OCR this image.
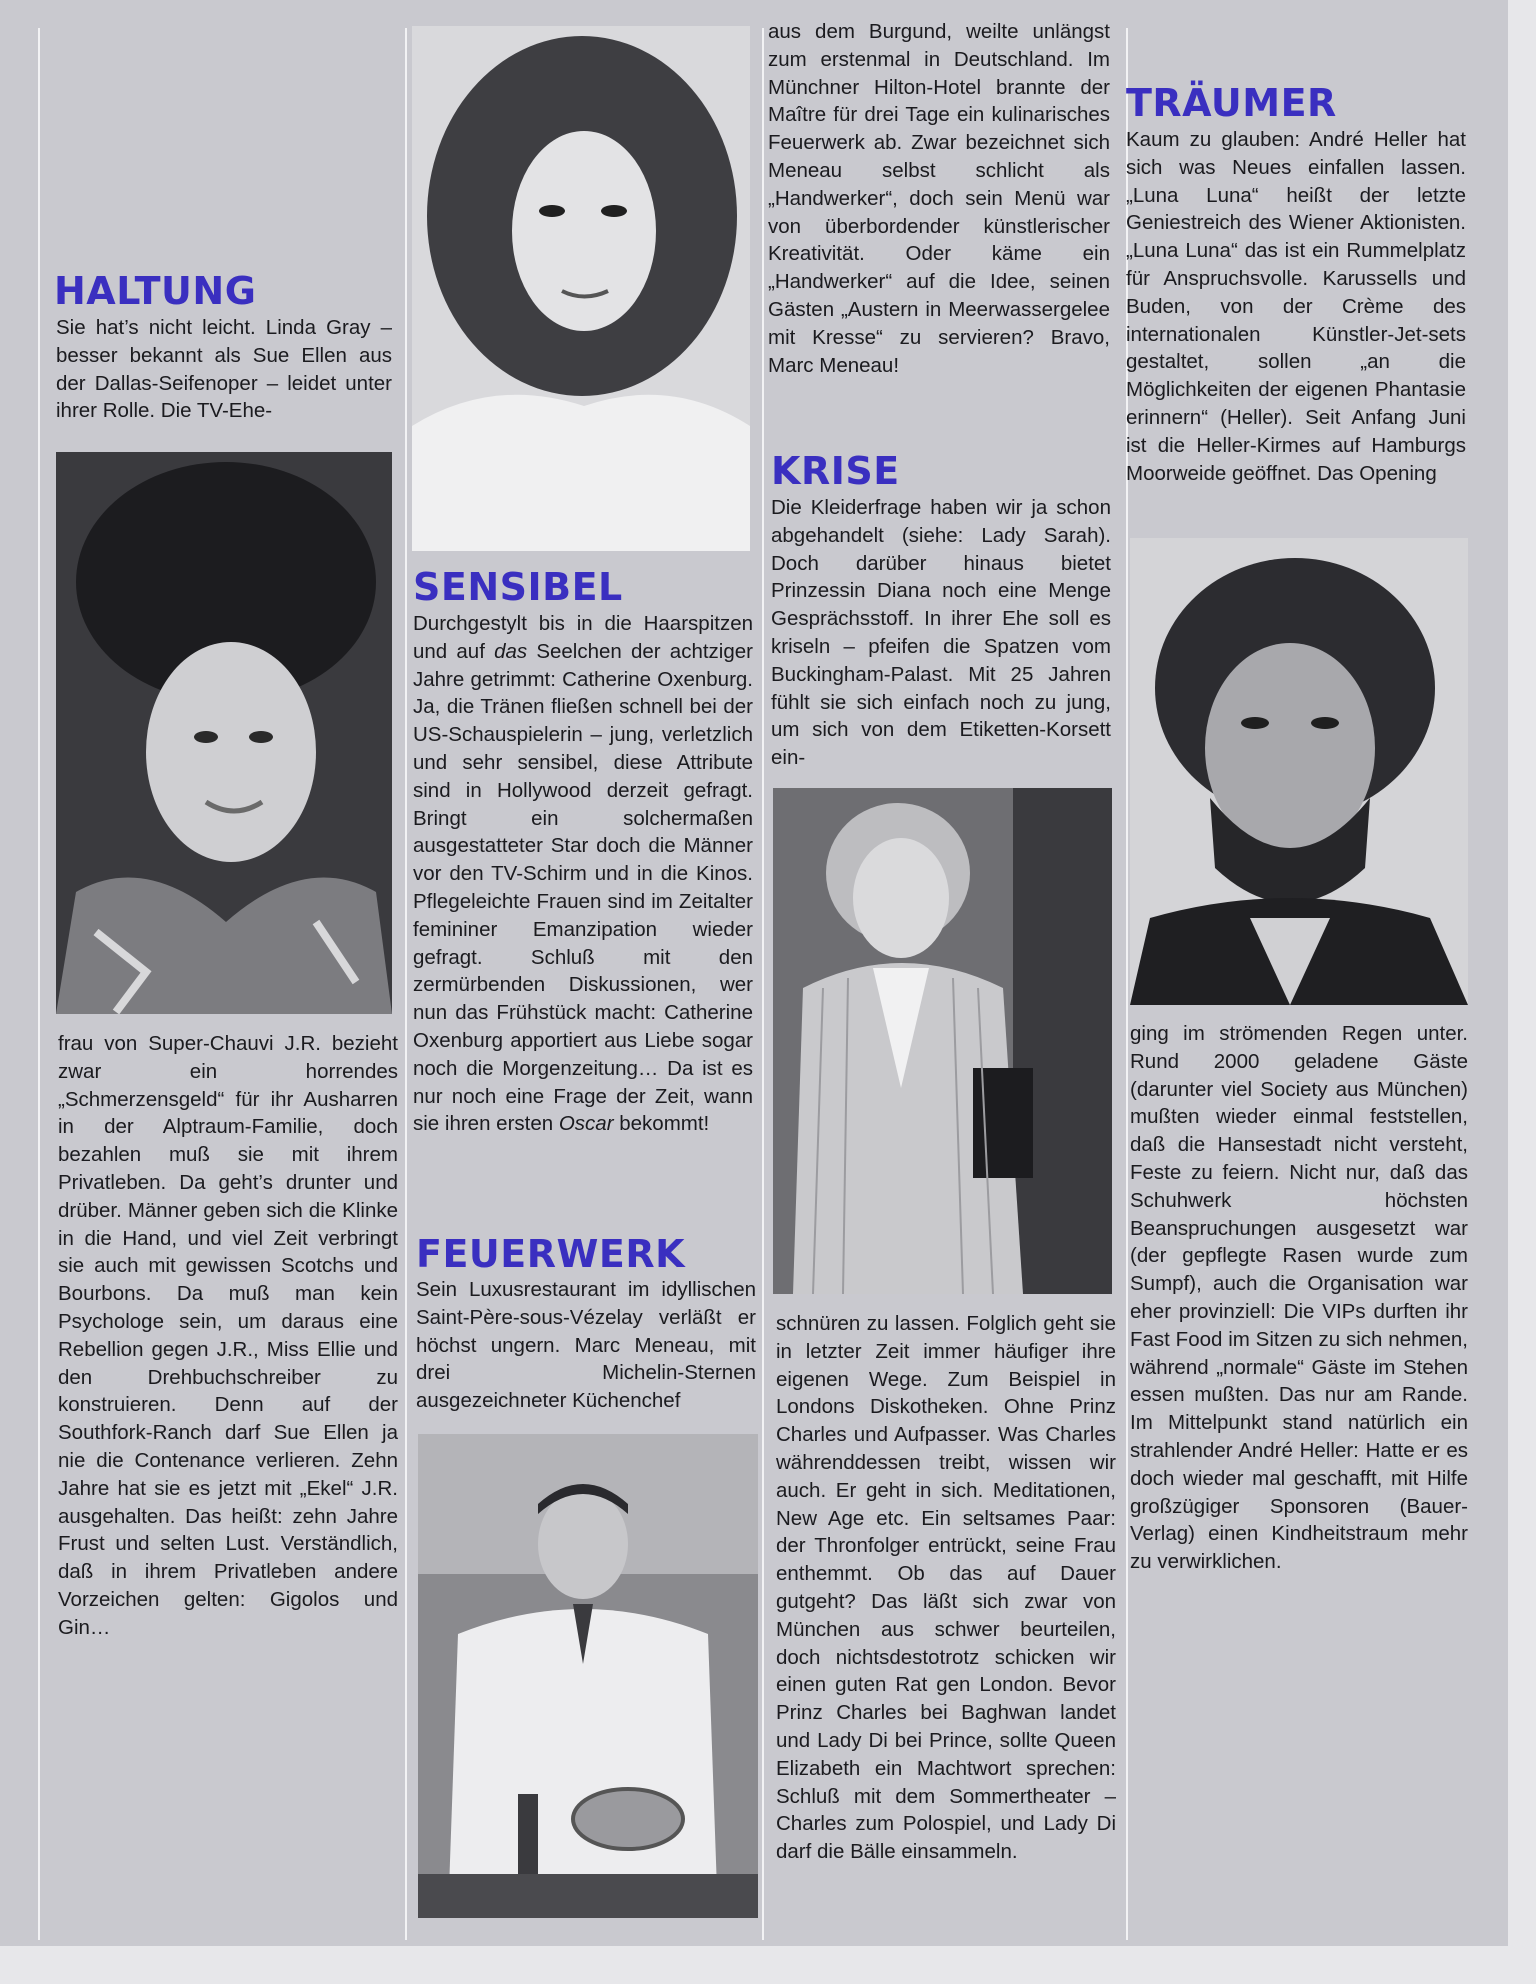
HALTUNG

Sie hat’s nicht leicht. Linda Gray – besser bekannt als Sue Ellen aus der Dallas-Seifenoper – leidet unter ihrer Rolle. Die TV-Ehe-

frau von Super-Chauvi J.R. bezieht zwar ein horrendes „Schmerzensgeld“ für ihr Ausharren in der Alptraum-Familie, doch bezahlen muß sie mit ihrem Privatleben. Da geht’s drunter und drüber. Männer geben sich die Klinke in die Hand, und viel Zeit verbringt sie auch mit gewissen Scotchs und Bourbons. Da muß man kein Psychologe sein, um daraus eine Rebellion gegen J.R., Miss Ellie und den Drehbuchschreiber zu konstruieren. Denn auf der Southfork-Ranch darf Sue Ellen ja nie die Contenance verlieren. Zehn Jahre hat sie es jetzt mit „Ekel“ J.R. ausgehalten. Das heißt: zehn Jahre Frust und selten Lust. Verständlich, daß in ihrem Privatleben andere Vorzeichen gelten: Gigolos und Gin…

SENSIBEL

Durchgestylt bis in die Haarspitzen und auf das Seelchen der achtziger Jahre getrimmt: Catherine Oxenburg. Ja, die Tränen fließen schnell bei der US-Schauspielerin – jung, verletzlich und sehr sensibel, diese Attribute sind in Hollywood derzeit gefragt. Bringt ein solchermaßen ausgestatteter Star doch die Männer vor den TV-Schirm und in die Kinos. Pflegeleichte Frauen sind im Zeitalter femininer Emanzipation wieder gefragt. Schluß mit den zermürbenden Diskussionen, wer nun das Frühstück macht: Catherine Oxenburg apportiert aus Liebe sogar noch die Morgenzeitung… Da ist es nur noch eine Frage der Zeit, wann sie ihren ersten Oscar bekommt!

FEUERWERK

Sein Luxusrestaurant im idyllischen Saint-Père-sous-Vézelay verläßt er höchst ungern. Marc Meneau, mit drei Michelin-Sternen ausgezeichneter Küchenchef

aus dem Burgund, weilte unlängst zum erstenmal in Deutschland. Im Münchner Hilton-Hotel brannte der Maître für drei Tage ein kulinarisches Feuerwerk ab. Zwar bezeichnet sich Meneau selbst schlicht als „Handwerker“, doch sein Menü war von überbordender künstlerischer Kreativität. Oder käme ein „Handwerker“ auf die Idee, seinen Gästen „Austern in Meerwassergelee mit Kresse“ zu servieren? Bravo, Marc Meneau!

KRISE

Die Kleiderfrage haben wir ja schon abgehandelt (siehe: Lady Sarah). Doch darüber hinaus bietet Prinzessin Diana noch eine Menge Gesprächsstoff. In ihrer Ehe soll es kriseln – pfeifen die Spatzen vom Buckingham-Palast. Mit 25 Jahren fühlt sie sich einfach noch zu jung, um sich von dem Etiketten-Korsett ein-

schnüren zu lassen. Folglich geht sie in letzter Zeit immer häufiger ihre eigenen Wege. Zum Beispiel in Londons Diskotheken. Ohne Prinz Charles und Aufpasser. Was Charles währenddessen treibt, wissen wir auch. Er geht in sich. Meditationen, New Age etc. Ein seltsames Paar: der Thronfolger entrückt, seine Frau enthemmt. Ob das auf Dauer gutgeht? Das läßt sich zwar von München aus schwer beurteilen, doch nichtsdestotrotz schicken wir einen guten Rat gen London. Bevor Prinz Charles bei Baghwan landet und Lady Di bei Prince, sollte Queen Elizabeth ein Machtwort sprechen: Schluß mit dem Sommertheater – Charles zum Polospiel, und Lady Di darf die Bälle einsammeln.

TRÄUMER

Kaum zu glauben: André Heller hat sich was Neues einfallen lassen. „Luna Luna“ heißt der letzte Geniestreich des Wiener Aktionisten. „Luna Luna“ das ist ein Rummelplatz für Anspruchsvolle. Karussells und Buden, von der Crème des internationalen Künstler-Jet-sets gestaltet, sollen „an die Möglichkeiten der eigenen Phantasie erinnern“ (Heller). Seit Anfang Juni ist die Heller-Kirmes auf Hamburgs Moorweide geöffnet. Das Opening

ging im strömenden Regen unter. Rund 2000 geladene Gäste (darunter viel Society aus München) mußten wieder einmal feststellen, daß die Hansestadt nicht versteht, Feste zu feiern. Nicht nur, daß das Schuhwerk höchsten Beanspruchungen ausgesetzt war (der gepflegte Rasen wurde zum Sumpf), auch die Organisation war eher provinziell: Die VIPs durften ihr Fast Food im Sitzen zu sich nehmen, während „normale“ Gäste im Stehen essen mußten. Das nur am Rande. Im Mittelpunkt stand natürlich ein strahlender André Heller: Hatte er es doch wieder mal geschafft, mit Hilfe großzügiger Sponsoren (Bauer-Verlag) einen Kindheitstraum mehr zu verwirklichen.
